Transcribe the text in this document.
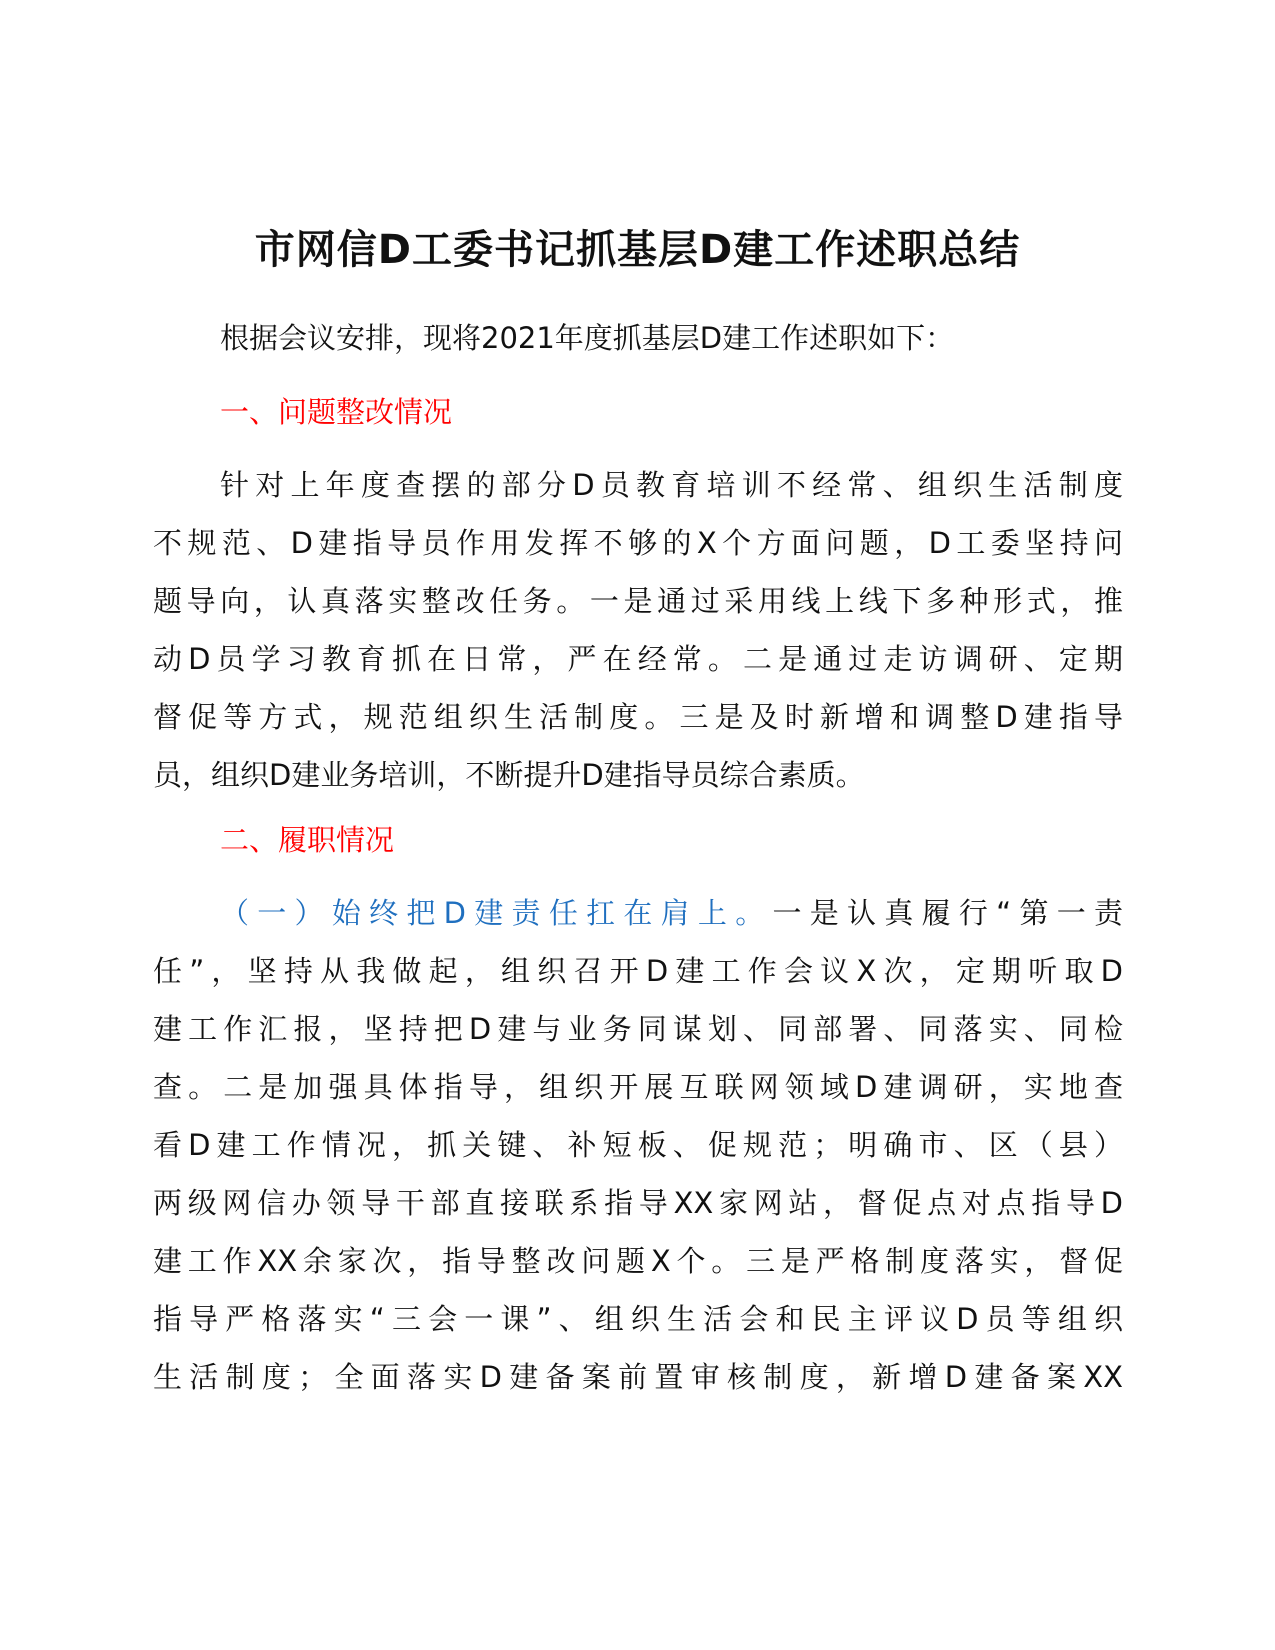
市网信D工委书记抓基层D建工作述职总结
根据会议安排，现将2021年度抓基层D建工作述职如下：
一、问题整改情况
针对上年度查摆的部分D员教育培训不经常、组织生活制度
不规范、D建指导员作用发挥不够的X个方面问题，D工委坚持问
题导向，认真落实整改任务。一是通过采用线上线下多种形式，推
动D员学习教育抓在日常，严在经常。二是通过走访调研、定期
督促等方式，规范组织生活制度。三是及时新增和调整D建指导
员，组织D建业务培训，不断提升D建指导员综合素质。
二、履职情况
（一）始终把D建责任扛在肩上。一是认真履行“第一责
任”，坚持从我做起，组织召开D建工作会议X次，定期听取D
建工作汇报，坚持把D建与业务同谋划、同部署、同落实、同检
查。二是加强具体指导，组织开展互联网领域D建调研，实地查
看D建工作情况，抓关键、补短板、促规范；明确市、区（县）
两级网信办领导干部直接联系指导XX家网站，督促点对点指导D
建工作XX余家次，指导整改问题X个。三是严格制度落实，督促
指导严格落实“三会一课”、组织生活会和民主评议D员等组织
生活制度；全面落实D建备案前置审核制度，新增D建备案XX
